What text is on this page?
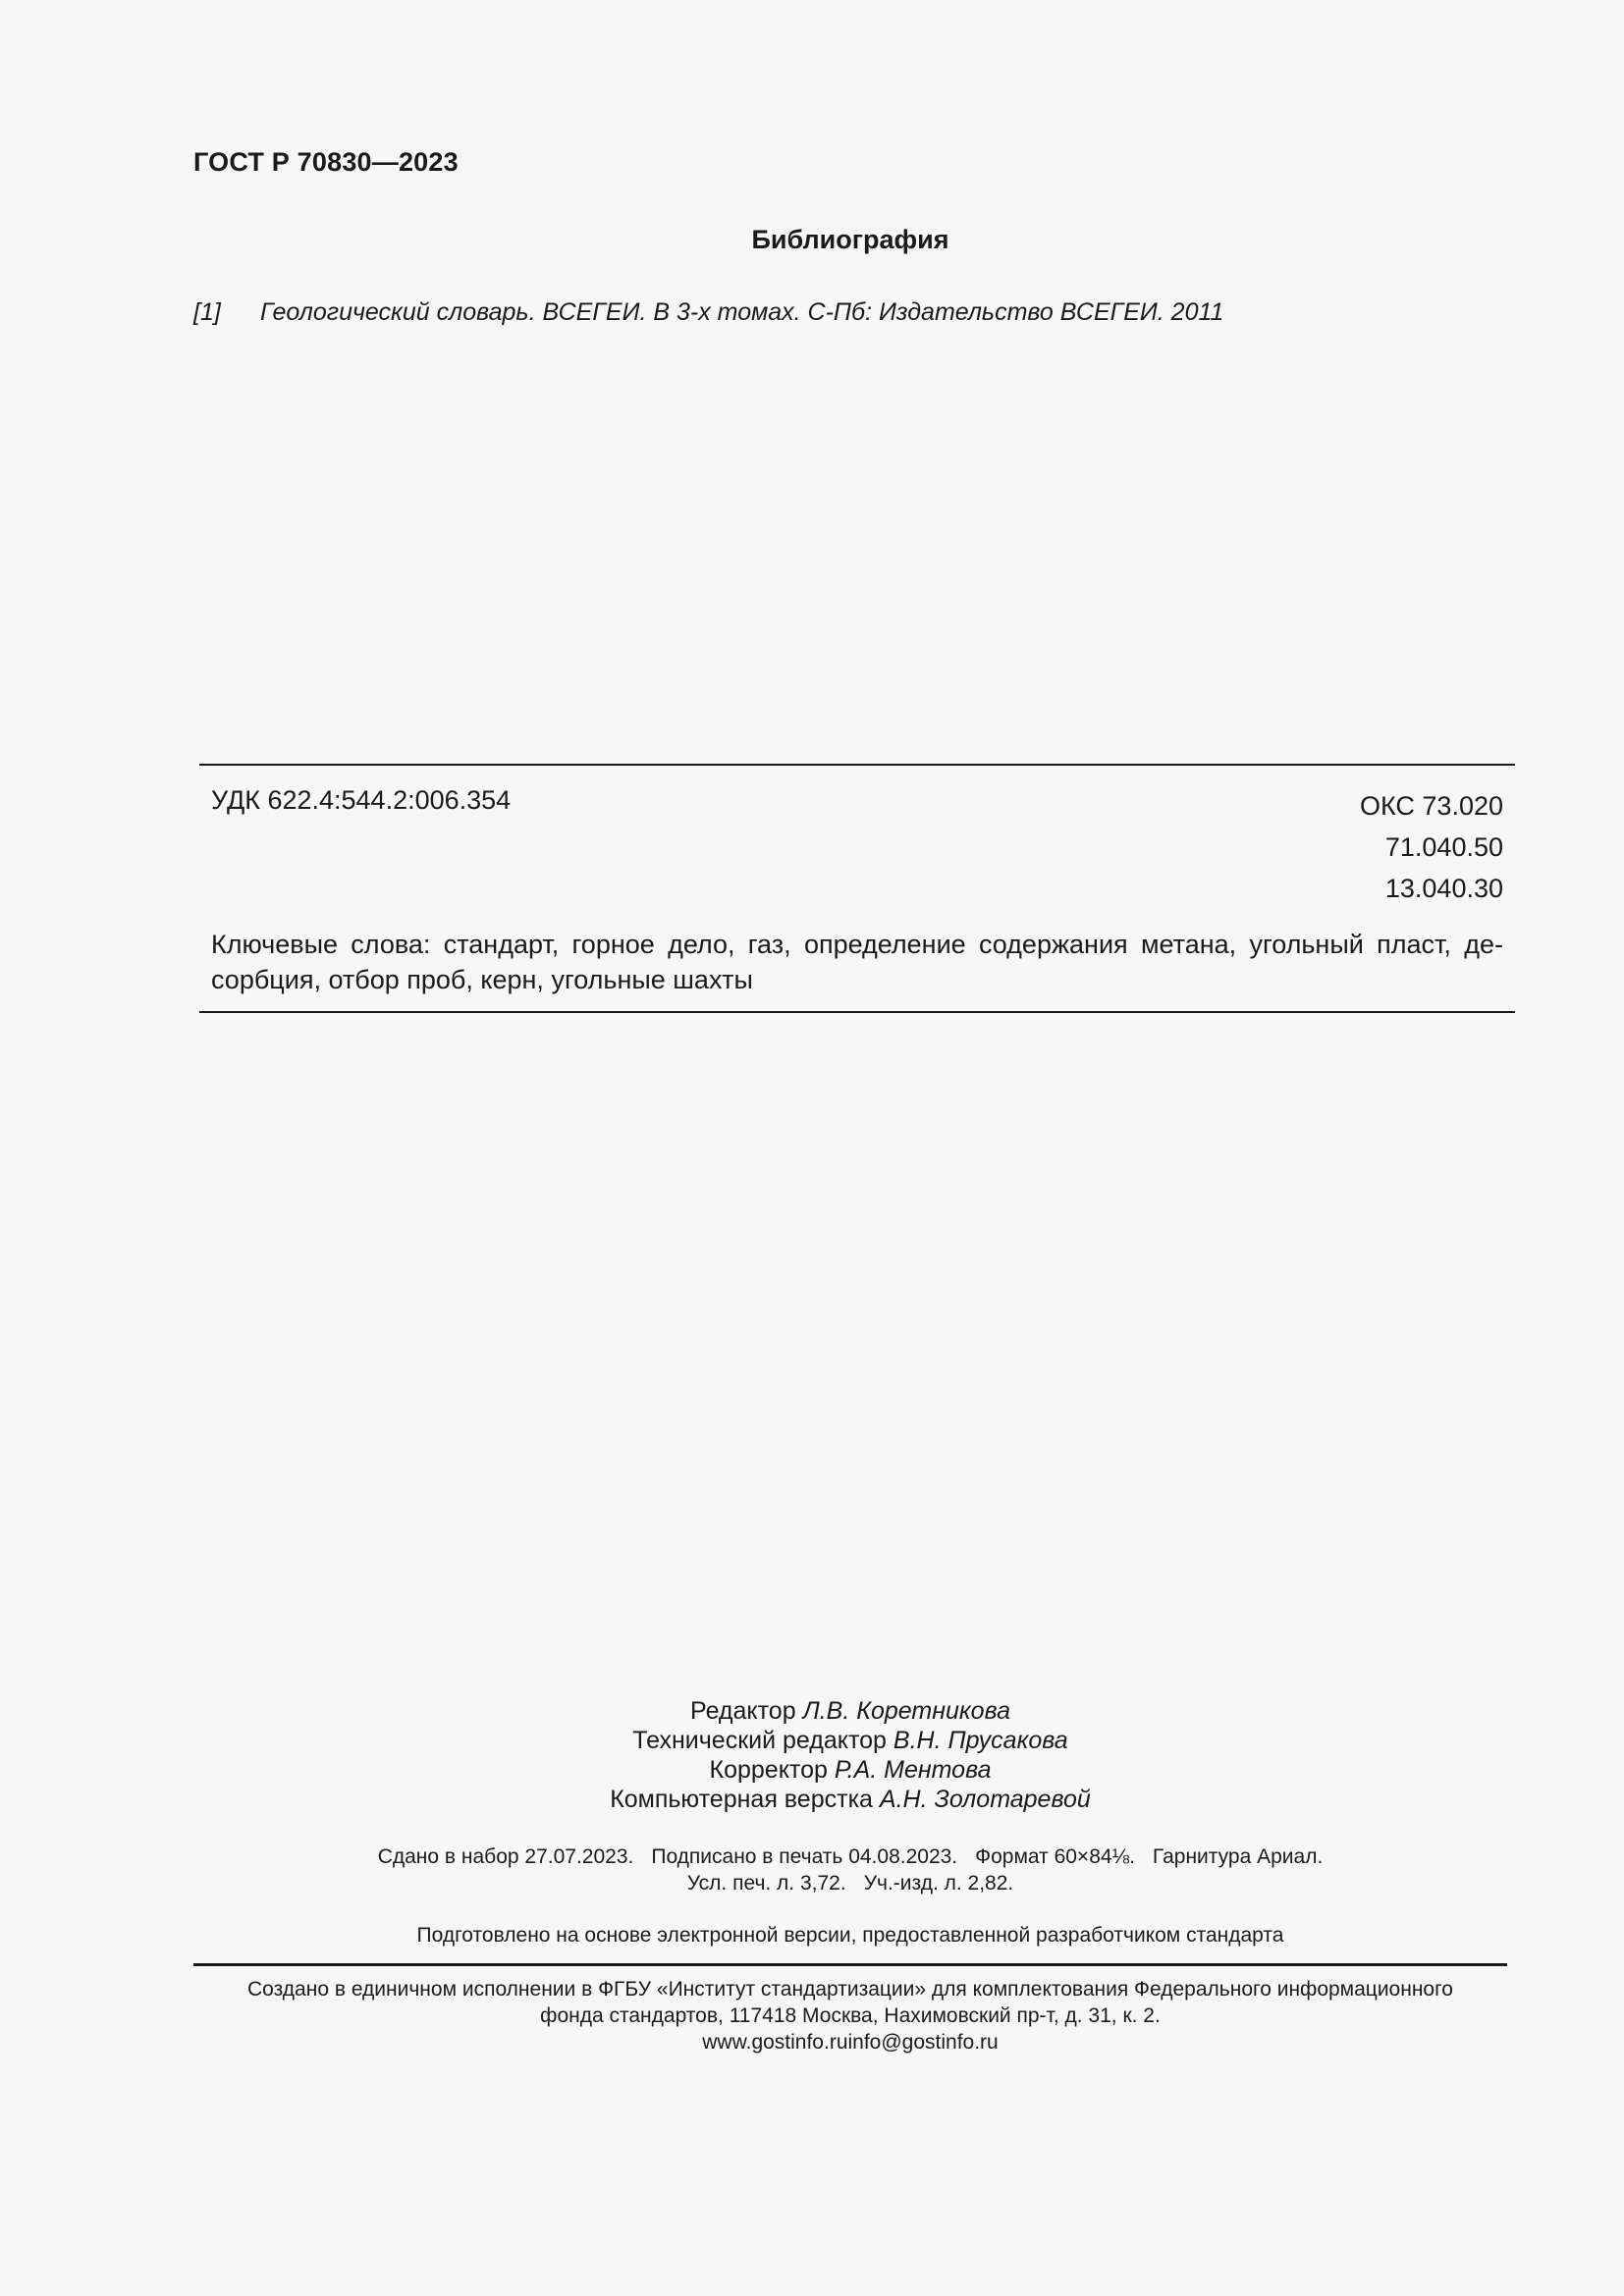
ГОСТ Р 70830—2023
Библиография
[1] Геологический словарь. ВСЕГЕИ. В 3-х томах. С-Пб: Издательство ВСЕГЕИ. 2011
УДК 622.4:544.2:006.354	ОКС 73.020
71.040.50
13.040.30
Ключевые слова: стандарт, горное дело, газ, определение содержания метана, угольный пласт, де-
сорбция, отбор проб, керн, угольные шахты
Редактор Л.В. Коретникова
Технический редактор В.Н. Прусакова
Корректор Р.А. Ментова
Компьютерная верстка А.Н. Золотаревой
Сдано в набор 27.07.2023. Подписано в печать 04.08.2023. Формат 60×84⅛. Гарнитура Ариал.
Усл. печ. л. 3,72. Уч.-изд. л. 2,82.
Подготовлено на основе электронной версии, предоставленной разработчиком стандарта
Создано в единичном исполнении в ФГБУ «Институт стандартизации» для комплектования Федерального информационного
фонда стандартов, 117418 Москва, Нахимовский пр-т, д. 31, к. 2.
www.gostinfo.ruinfo@gostinfo.ru
